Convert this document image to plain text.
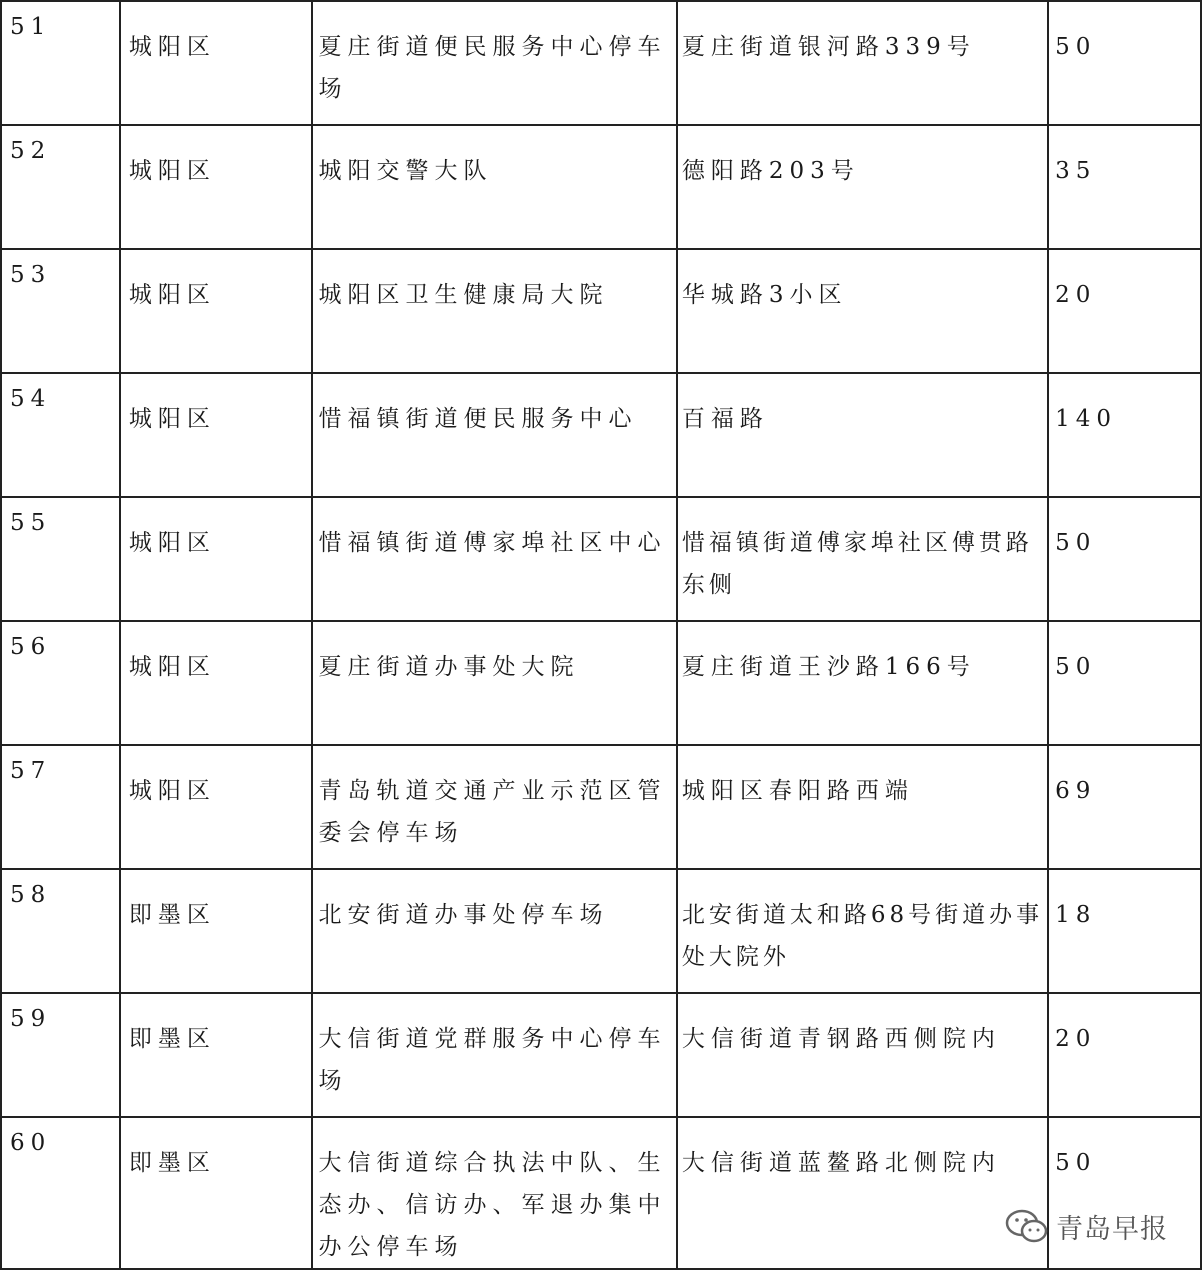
51	城阳区	夏庄街道便民服务中心停车场	夏庄街道银河路339号	50
52	城阳区	城阳交警大队	德阳路203号	35
53	城阳区	城阳区卫生健康局大院	华城路3小区	20
54	城阳区	惜福镇街道便民服务中心	百福路	140
55	城阳区	惜福镇街道傅家埠社区中心	惜福镇街道傅家埠社区傅贯路东侧	50
56	城阳区	夏庄街道办事处大院	夏庄街道王沙路166号	50
57	城阳区	青岛轨道交通产业示范区管委会停车场	城阳区春阳路西端	69
58	即墨区	北安街道办事处停车场	北安街道太和路68号街道办事处大院外	18
59	即墨区	大信街道党群服务中心停车场	大信街道青钢路西侧院内	20
60	即墨区	大信街道综合执法中队、生态办、信访办、军退办集中办公停车场	大信街道蓝鳌路北侧院内	50
青岛早报
